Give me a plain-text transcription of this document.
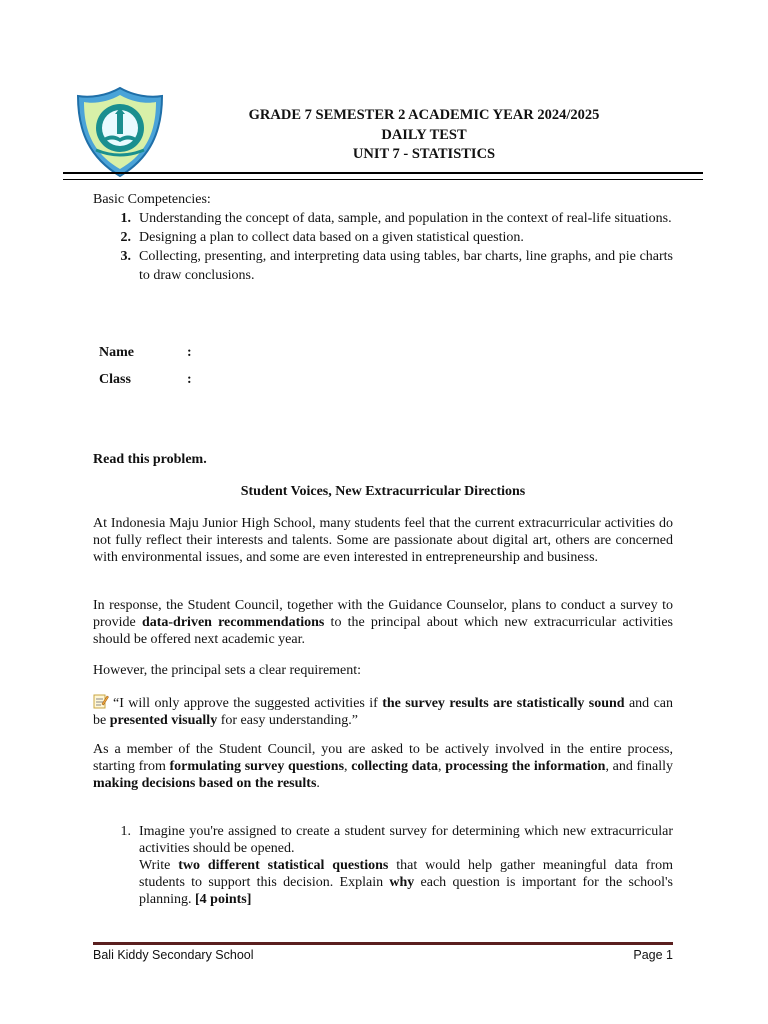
GRADE 7 SEMESTER 2 ACADEMIC YEAR 2024/2025
DAILY TEST
UNIT 7 - STATISTICS
Basic Competencies:
1. Understanding the concept of data, sample, and population in the context of real-life situations.
2. Designing a plan to collect data based on a given statistical question.
3. Collecting, presenting, and interpreting data using tables, bar charts, line graphs, and pie charts to draw conclusions.
Name	:
Class	:
Read this problem.
Student Voices, New Extracurricular Directions
At Indonesia Maju Junior High School, many students feel that the current extracurricular activities do not fully reflect their interests and talents. Some are passionate about digital art, others are concerned with environmental issues, and some are even interested in entrepreneurship and business.
In response, the Student Council, together with the Guidance Counselor, plans to conduct a survey to provide data-driven recommendations to the principal about which new extracurricular activities should be offered next academic year.
However, the principal sets a clear requirement:
“I will only approve the suggested activities if the survey results are statistically sound and can be presented visually for easy understanding.”
As a member of the Student Council, you are asked to be actively involved in the entire process, starting from formulating survey questions, collecting data, processing the information, and finally making decisions based on the results.
1. Imagine you're assigned to create a student survey for determining which new extracurricular activities should be opened.
Write two different statistical questions that would help gather meaningful data from students to support this decision. Explain why each question is important for the school's planning. [4 points]
Bali Kiddy Secondary School	Page 1
